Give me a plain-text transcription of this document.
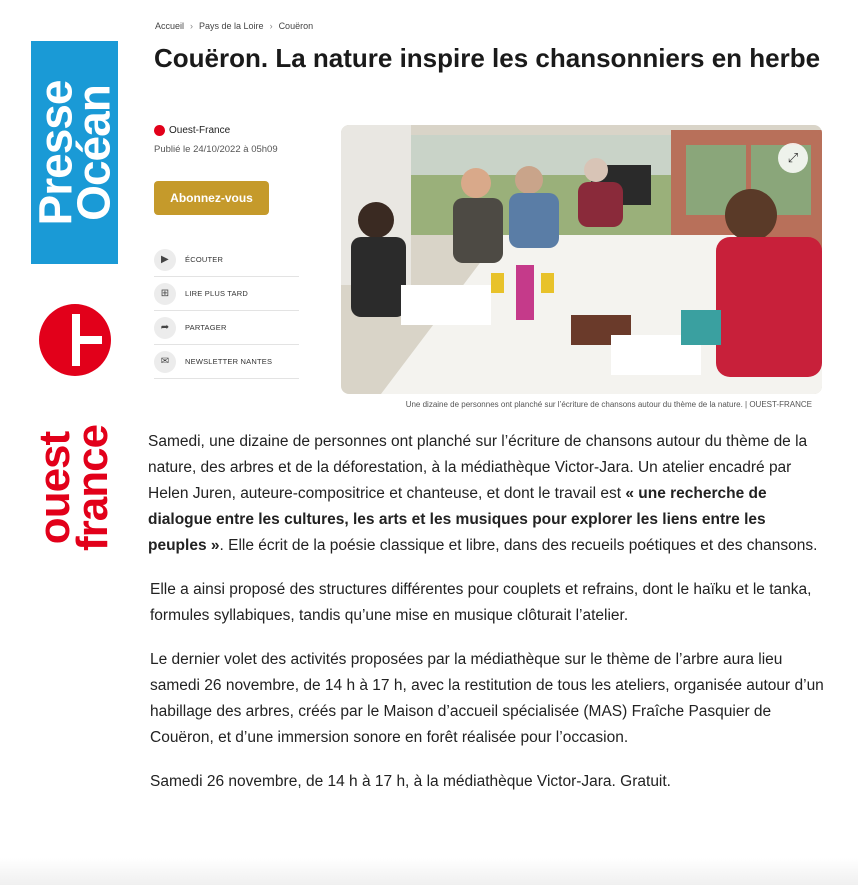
Presse
Océan
ouest
france
Accueil › Pays de la Loire › Couëron
Couëron. La nature inspire les chansonniers en herbe
Ouest-France
Publié le 24/10/2022 à 05h09
Abonnez-vous
▶	ÉCOUTER
⊞	LIRE PLUS TARD
➦	PARTAGER
✉	NEWSLETTER NANTES
⤢
Une dizaine de personnes ont planché sur l’écriture de chansons autour du thème de la nature. | OUEST-FRANCE

Samedi, une dizaine de personnes ont planché sur l’écriture de chansons autour du thème de la nature, des arbres et de la déforestation, à la médiathèque Victor-Jara. Un atelier encadré par Helen Juren, auteure-compositrice et chanteuse, et dont le travail est « une recherche de dialogue entre les cultures, les arts et les musiques pour explorer les liens entre les peuples ». Elle écrit de la poésie classique et libre, dans des recueils poétiques et des chansons.

Elle a ainsi proposé des structures différentes pour couplets et refrains, dont le haïku et le tanka, formules syllabiques, tandis qu’une mise en musique clôturait l’atelier.

Le dernier volet des activités proposées par la médiathèque sur le thème de l’arbre aura lieu samedi 26 novembre, de 14 h à 17 h, avec la restitution de tous les ateliers, organisée autour d’un habillage des arbres, créés par le Maison d’accueil spécialisée (MAS) Fraîche Pasquier de Couëron, et d’une immersion sonore en forêt réalisée pour l’occasion.

Samedi 26 novembre, de 14 h à 17 h, à la médiathèque Victor-Jara. Gratuit.
